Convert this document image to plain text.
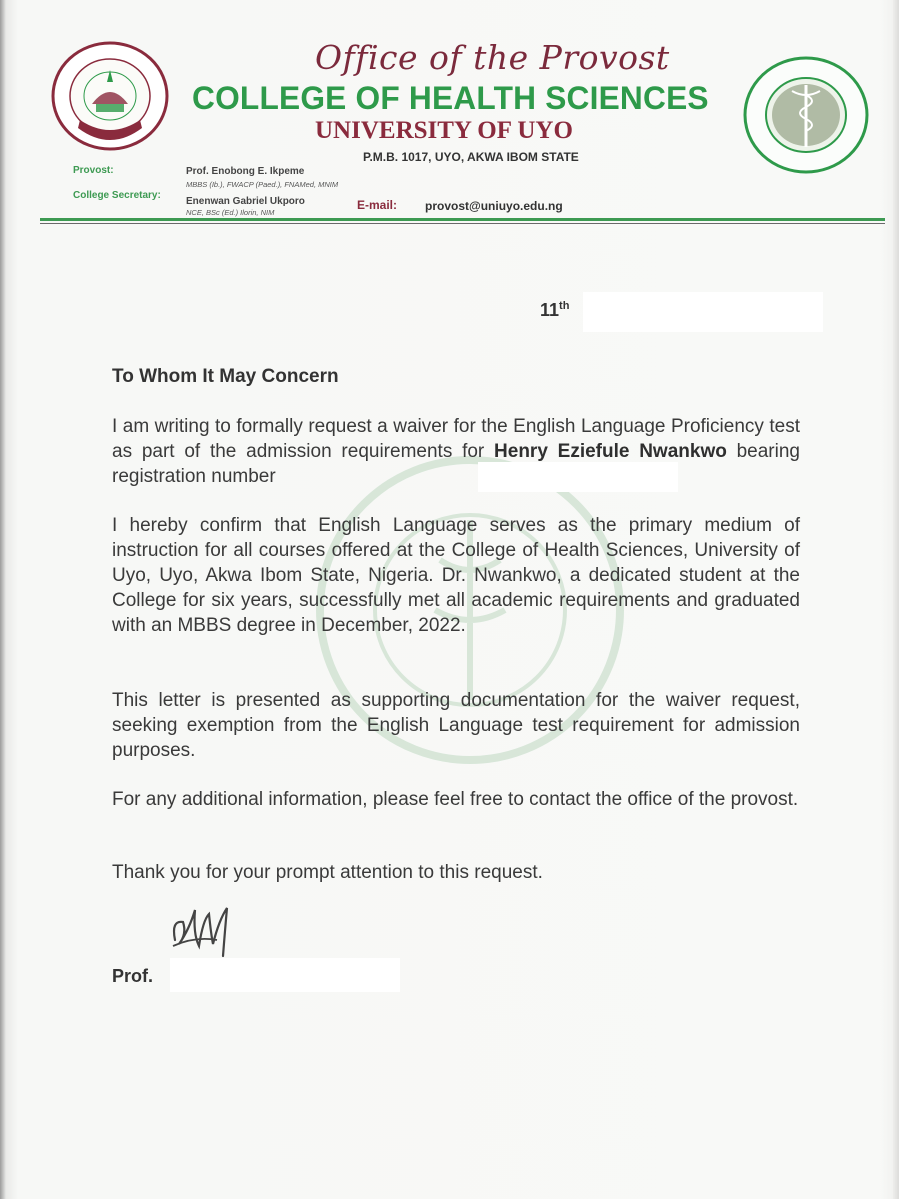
Office of the Provost
COLLEGE OF HEALTH SCIENCES
UNIVERSITY OF UYO
P.M.B. 1017, UYO, AKWA IBOM STATE
Provost:	Prof. Enobong E. Ikpeme
MBBS (Ib.), FWACP (Paed.), FNAMed, MNIM
College Secretary:
Enenwan Gabriel Ukporo
NCE, BSc (Ed.) Ilorin, NIM
E-mail: provost@uniuyo.edu.ng
11th
To Whom It May Concern
I am writing to formally request a waiver for the English Language Proficiency test as part of the admission requirements for Henry Eziefule Nwankwo bearing registration number
I hereby confirm that English Language serves as the primary medium of instruction for all courses offered at the College of Health Sciences, University of Uyo, Uyo, Akwa Ibom State, Nigeria. Dr. Nwankwo, a dedicated student at the College for six years, successfully met all academic requirements and graduated with an MBBS degree in December, 2022.
This letter is presented as supporting documentation for the waiver request, seeking exemption from the English Language test requirement for admission purposes.
For any additional information, please feel free to contact the office of the provost.
Thank you for your prompt attention to this request.
Prof.
